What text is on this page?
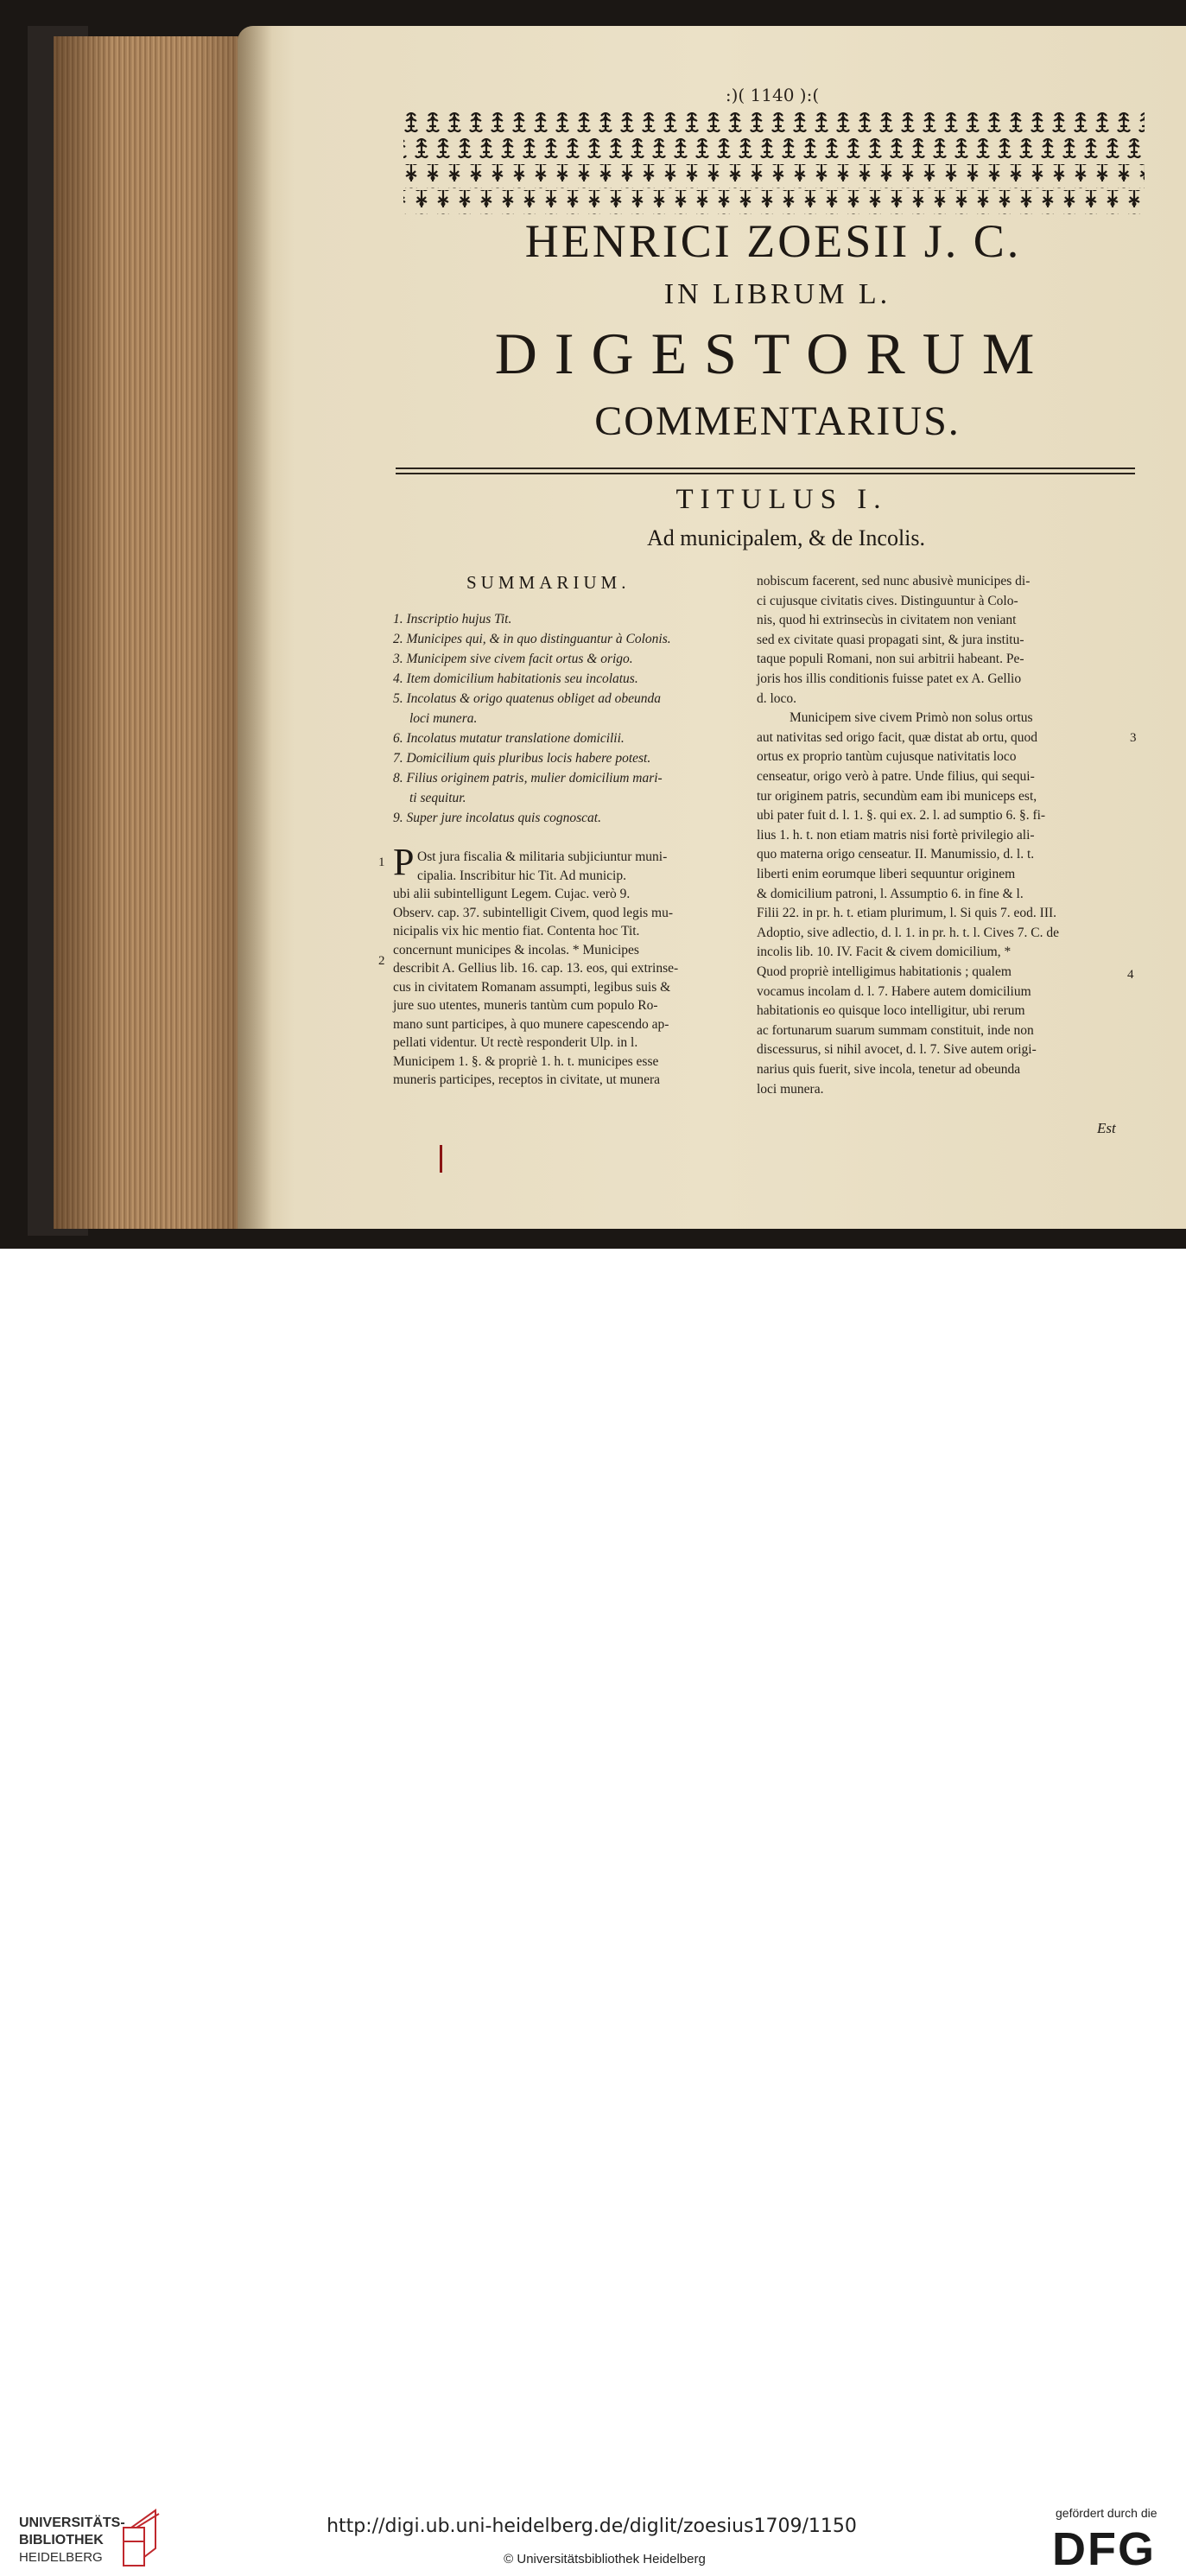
:)( 1140 ):(
HENRICI ZOESII J. C.
IN LIBRUM L.
DIGESTORUM
COMMENTARIUS.
TITULUS I.
Ad municipalem, & de Incolis.
SUMMARIUM.
1. Inscriptio hujus Tit.
2. Municipes qui, & in quo distinguantur à Colonis.
3. Municipem sive civem facit ortus & origo.
4. Item domicilium habitationis seu incolatus.
5. Incolatus & origo quatenus obliget ad obeunda
loci munera.
6. Incolatus mutatur translatione domicilii.
7. Domicilium quis pluribus locis habere potest.
8. Filius originem patris, mulier domicilium mari-
ti sequitur.
9. Super jure incolatus quis cognoscat.
P Ost jura fiscalia & militaria subjiciuntur muni-
cipalia. Inscribitur hic Tit. Ad municip.
ubi alii subintelligunt Legem. Cujac. verò 9.
Observ. cap. 37. subintelligit Civem, quod legis mu-
nicipalis vix hic mentio fiat. Contenta hoc Tit.
concernunt municipes & incolas. * Municipes
describit A. Gellius lib. 16. cap. 13. eos, qui extrinse-
cus in civitatem Romanam assumpti, legibus suis &
jure suo utentes, muneris tantùm cum populo Ro-
mano sunt participes, à quo munere capescendo ap-
pellati videntur. Ut rectè responderit Ulp. in l.
Municipem 1. §. & propriè 1. h. t. municipes esse
muneris participes, receptos in civitate, ut munera
nobiscum facerent, sed nunc abusivè municipes di-
ci cujusque civitatis cives. Distinguuntur à Colo-
nis, quod hi extrinsecùs in civitatem non veniant
sed ex civitate quasi propagati sint, & jura institu-
taque populi Romani, non sui arbitrii habeant. Pe-
joris hos illis conditionis fuisse patet ex A. Gellio
d. loco.
Municipem sive civem Primò non solus ortus
aut nativitas sed origo facit, quæ distat ab ortu, quod
ortus ex proprio tantùm cujusque nativitatis loco
censeatur, origo verò à patre. Unde filius, qui sequi-
tur originem patris, secundùm eam ibi municeps est,
ubi pater fuit d. l. 1. §. qui ex. 2. l. ad sumptio 6. §. fi-
lius 1. h. t. non etiam matris nisi fortè privilegio ali-
quo materna origo censeatur. II. Manumissio, d. l. t.
liberti enim eorumque liberi sequuntur originem
& domicilium patroni, l. Assumptio 6. in fine & l.
Filii 22. in pr. h. t. etiam plurimum, l. Si quis 7. eod. III.
Adoptio, sive adlectio, d. l. 1. in pr. h. t. l. Cives 7. C. de
incolis lib. 10. IV. Facit & civem domicilium, *
Quod propriè intelligimus habitationis ; qualem
vocamus incolam d. l. 7. Habere autem domicilium
habitationis eo quisque loco intelligitur, ubi rerum
ac fortunarum suarum summam constituit, inde non
discessurus, si nihil avocet, d. l. 7. Sive autem origi-
narius quis fuerit, sive incola, tenetur ad obeunda
loci munera.
1
2
3
4
Est
UNIVERSITÄTS-
BIBLIOTHEK
HEIDELBERG
http://digi.ub.uni-heidelberg.de/diglit/zoesius1709/1150
© Universitätsbibliothek Heidelberg
gefördert durch die
DFG
